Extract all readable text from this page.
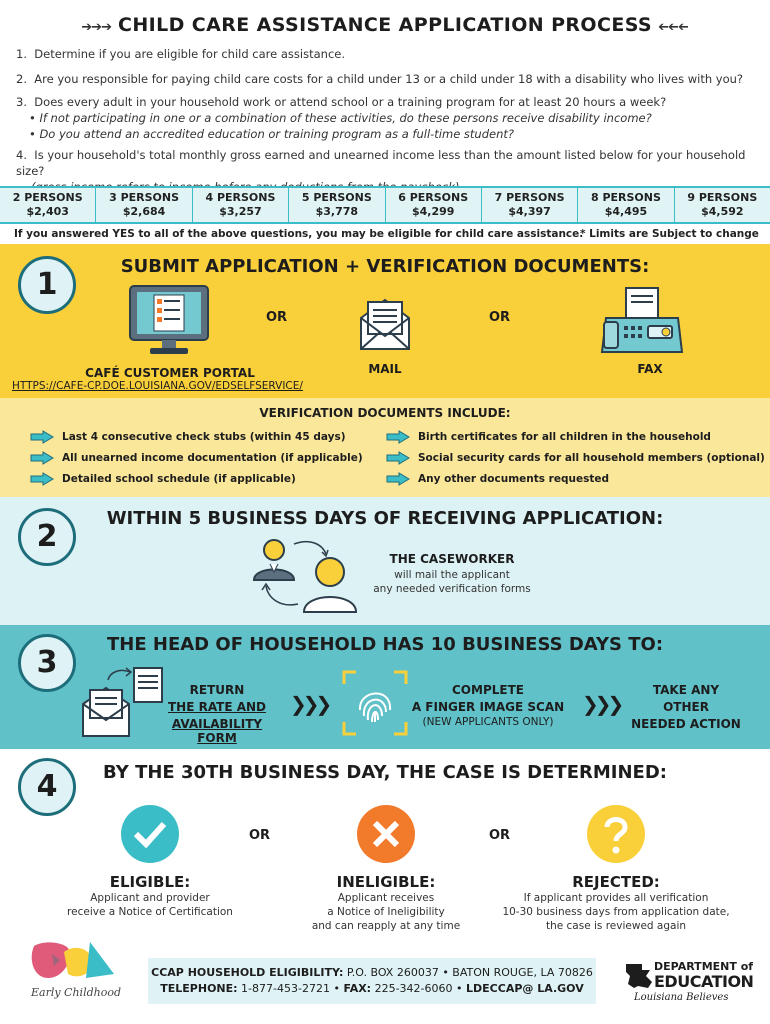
➔➔➔ CHILD CARE ASSISTANCE APPLICATION PROCESS ➔➔➔
1. Determine if you are eligible for child care assistance.
2. Are you responsible for paying child care costs for a child under 13 or a child under 18 with a disability who lives with you?
3. Does every adult in your household work or attend school or a training program for at least 20 hours a week?
• If not participating in one or a combination of these activities, do these persons receive disability income?
• Do you attend an accredited education or training program as a full-time student?
4. Is your household's total monthly gross earned and unearned income less than the amount listed below for your household size?
2 PERSONS
$2,403
3 PERSONS
$2,684
4 PERSONS
$3,257
5 PERSONS
$3,778
6 PERSONS
$4,299
7 PERSONS
$4,397
8 PERSONS
$4,495
9 PERSONS
$4,592
If you answered YES to all of the above questions, you may be eligible for child care assistance.
* Limits are Subject to change
1
SUBMIT APPLICATION + VERIFICATION DOCUMENTS:
OR	OR
CAFÉ CUSTOMER PORTAL
HTTPS://CAFE-CP.DOE.LOUISIANA.GOV/EDSELFSERVICE/
MAIL	FAX
VERIFICATION DOCUMENTS INCLUDE:
Last 4 consecutive check stubs (within 45 days)
All unearned income documentation (if applicable)
Detailed school schedule (if applicable)
Birth certificates for all children in the household
Social security cards for all household members (optional)
Any other documents requested
2
WITHIN 5 BUSINESS DAYS OF RECEIVING APPLICATION:
THE CASEWORKER
will mail the applicant
any needed verification forms
3
THE HEAD OF HOUSEHOLD HAS 10 BUSINESS DAYS TO:
RETURN
THE RATE AND
AVAILABILITY FORM
❯❯❯
COMPLETE
A FINGER IMAGE SCAN
(NEW APPLICANTS ONLY)
❯❯❯
TAKE ANY
OTHER
NEEDED ACTION
4	BY THE 30TH BUSINESS DAY, THE CASE IS DETERMINED:
OR	OR
ELIGIBLE:
Applicant and provider
receive a Notice of Certification
INELIGIBLE:
Applicant receives
a Notice of Ineligibility
and can reapply at any time
REJECTED:
If applicant provides all verification
10-30 business days from application date,
the case is reviewed again
Early Childhood
CCAP HOUSEHOLD ELIGIBILITY: P.O. BOX 260037 • BATON ROUGE, LA 70826
TELEPHONE: 1-877-453-2721 • FAX: 225-342-6060 • LDECCAP@ LA.GOV
DEPARTMENT of
EDUCATION
Louisiana Believes
